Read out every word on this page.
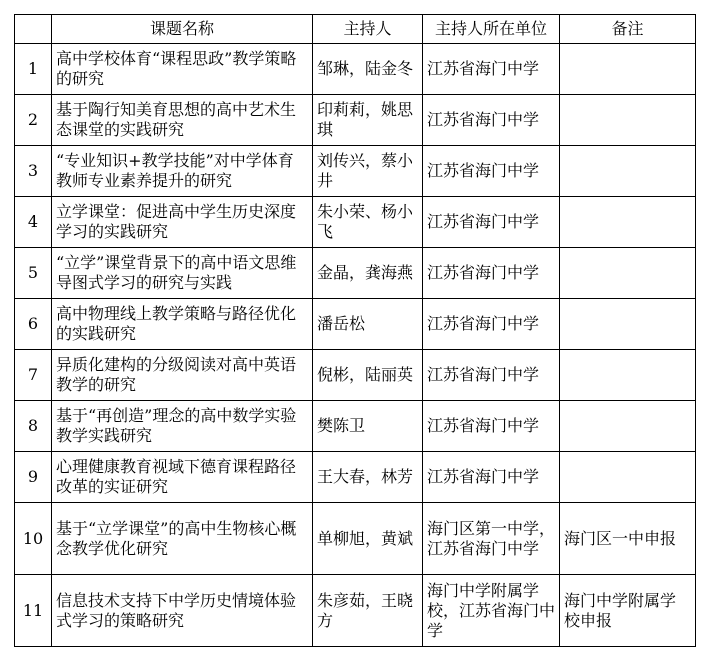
	课题名称	主持人	主持人所在单位	备注
1	高中学校体育“课程思政”教学策略的研究	邹琳，陆金冬	江苏省海门中学	
2	基于陶行知美育思想的高中艺术生态课堂的实践研究	印莉莉，姚思琪	江苏省海门中学	
3	“专业知识+教学技能”对中学体育教师专业素养提升的研究	刘传兴，蔡小井	江苏省海门中学	
4	立学课堂：促进高中学生历史深度学习的实践研究	朱小荣、杨小飞	江苏省海门中学	
5	“立学”课堂背景下的高中语文思维导图式学习的研究与实践	金晶，龚海燕	江苏省海门中学	
6	高中物理线上教学策略与路径优化的实践研究	潘岳松	江苏省海门中学	
7	异质化建构的分级阅读对高中英语教学的研究	倪彬，陆丽英	江苏省海门中学	
8	基于“再创造”理念的高中数学实验教学实践研究	樊陈卫	江苏省海门中学	
9	心理健康教育视域下德育课程路径改革的实证研究	王大春，林芳	江苏省海门中学	
10	基于“立学课堂”的高中生物核心概念教学优化研究	单柳旭，黄斌	海门区第一中学，江苏省海门中学	海门区一中申报
11	信息技术支持下中学历史情境体验式学习的策略研究	朱彦茹，王晓方	海门中学附属学校，江苏省海门中学	海门中学附属学校申报
